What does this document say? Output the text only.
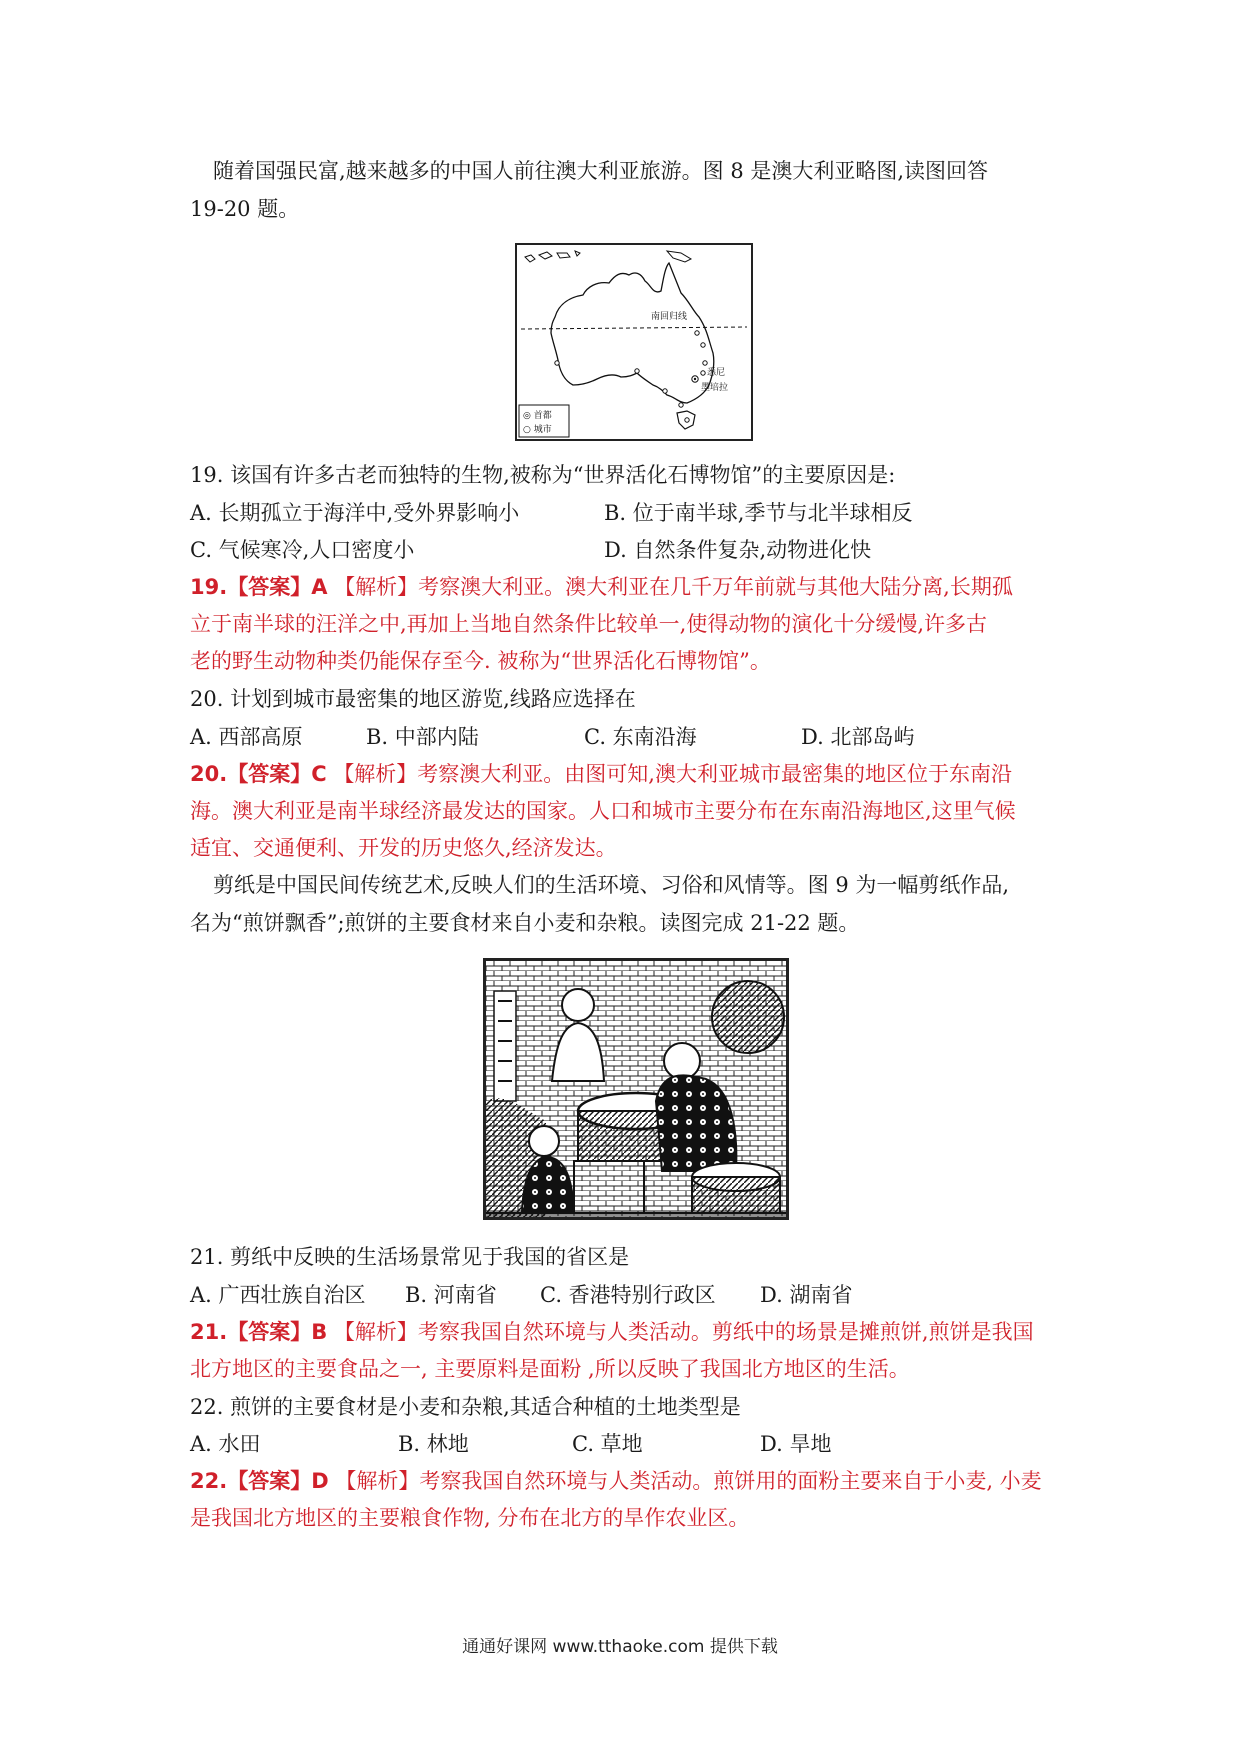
随着国强民富,越来越多的中国人前往澳大利亚旅游。图 8 是澳大利亚略图,读图回答
19-20 题。
南回归线
悉尼
墨培拉
◎ 首都
○ 城市
19. 该国有许多古老而独特的生物,被称为“世界活化石博物馆”的主要原因是:
A. 长期孤立于海洋中,受外界影响小	B. 位于南半球,季节与北半球相反
C. 气候寒冷,人口密度小	D. 自然条件复杂,动物进化快
19.【答案】A 【解析】考察澳大利亚。澳大利亚在几千万年前就与其他大陆分离,长期孤
立于南半球的汪洋之中,再加上当地自然条件比较单一,使得动物的演化十分缓慢,许多古
老的野生动物种类仍能保存至今. 被称为“世界活化石博物馆”。
20. 计划到城市最密集的地区游览,线路应选择在
A. 西部高原	B. 中部内陆	C. 东南沿海	D. 北部岛屿
20.【答案】C 【解析】考察澳大利亚。由图可知,澳大利亚城市最密集的地区位于东南沿
海。澳大利亚是南半球经济最发达的国家。人口和城市主要分布在东南沿海地区,这里气候
适宜、交通便利、开发的历史悠久,经济发达。
剪纸是中国民间传统艺术,反映人们的生活环境、习俗和风情等。图 9 为一幅剪纸作品,
名为“煎饼飘香”;煎饼的主要食材来自小麦和杂粮。读图完成 21-22 题。
21. 剪纸中反映的生活场景常见于我国的省区是
A. 广西壮族自治区 B. 河南省 C. 香港特别行政区 D. 湖南省
21.【答案】B 【解析】考察我国自然环境与人类活动。剪纸中的场景是摊煎饼,煎饼是我国
北方地区的主要食品之一, 主要原料是面粉 ,所以反映了我国北方地区的生活。
22. 煎饼的主要食材是小麦和杂粮,其适合种植的土地类型是
A. 水田	B. 林地	C. 草地	D. 旱地
22.【答案】D 【解析】考察我国自然环境与人类活动。煎饼用的面粉主要来自于小麦, 小麦
是我国北方地区的主要粮食作物, 分布在北方的旱作农业区。
通通好课网 www.tthaoke.com 提供下载
